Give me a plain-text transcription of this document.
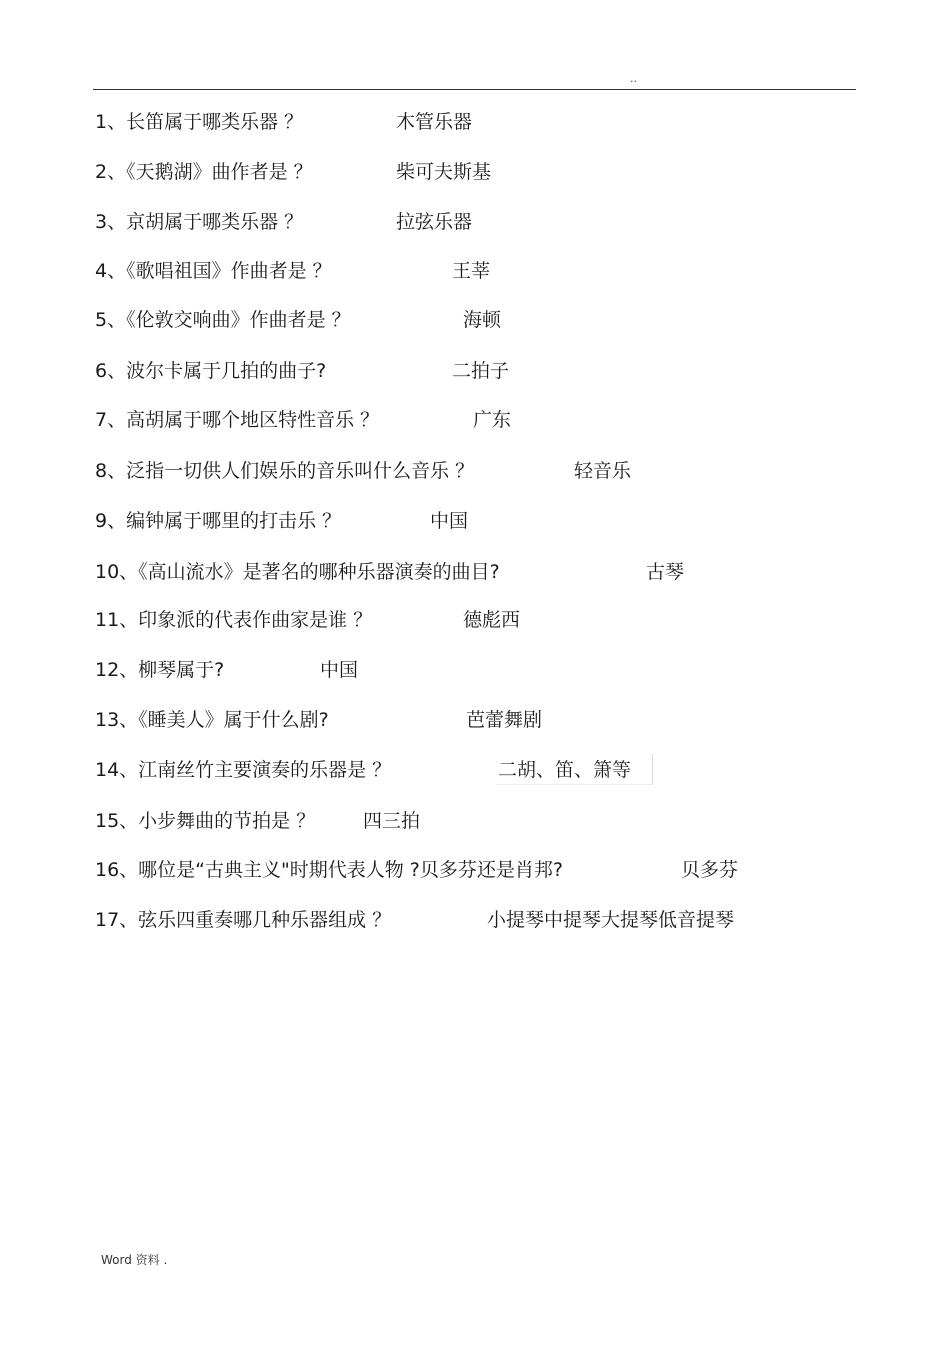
..
1、长笛属于哪类乐器 ？	木管乐器
2、《天鹅湖》曲作者是 ？	柴可夫斯基
3、京胡属于哪类乐器 ？	拉弦乐器
4、《歌唱祖国》作曲者是 ？	王莘
5、《伦敦交响曲》作曲者是 ？	海顿
6、波尔卡属于几拍的曲子?	二拍子
7、高胡属于哪个地区特性音乐 ？	广东
8、泛指一切供人们娱乐的音乐叫什么音乐 ？	轻音乐
9、编钟属于哪里的打击乐 ？	中国
10、《高山流水》是著名的哪种乐器演奏的曲目?	古琴
11、印象派的代表作曲家是谁 ？	德彪西
12、柳琴属于?	中国
13、《睡美人》属于什么剧?	芭蕾舞剧
14、江南丝竹主要演奏的乐器是 ？	二胡、笛、箫等
15、小步舞曲的节拍是 ？	四三拍
16、哪位是“古典主义"时期代表人物 ?贝多芬还是肖邦?	贝多芬
17、弦乐四重奏哪几种乐器组成 ？	小提琴中提琴大提琴低音提琴
Word 资料 .
